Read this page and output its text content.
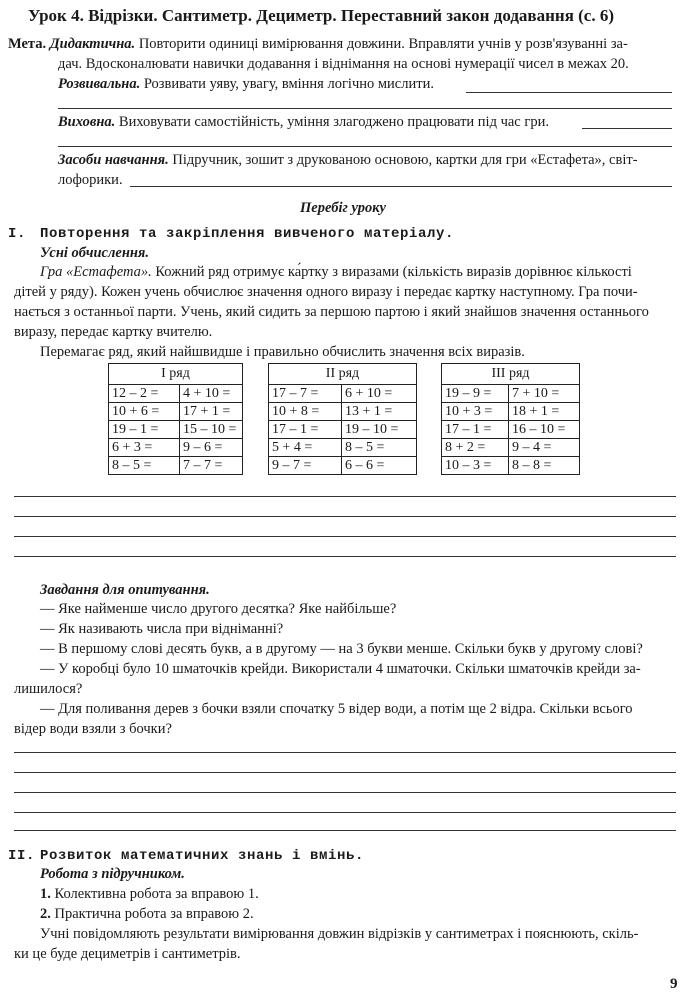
Урок 4. Відрізки. Сантиметр. Дециметр. Переставний закон додавання (с. 6)
Мета. Дидактична. Повторити одиниці вимірювання довжини. Вправляти учнів у розв'язуванні за-
дач. Вдосконалювати навички додавання і віднімання на основі нумерації чисел в межах 20.
Розвивальна. Розвивати уяву, увагу, вміння логічно мислити.
Виховна. Виховувати самостійність, уміння злагоджено працювати під час гри.
Засоби навчання. Підручник, зошит з друкованою основою, картки для гри «Естафета», світ-
лофорики.
Перебіг уроку
I. Повторення та закріплення вивченого матеріалу.
Усні обчислення.
Гра «Естафета». Кожний ряд отримує ка́ртку з виразами (кількість виразів дорівнює кількості
дітей у ряду). Кожен учень обчислює значення одного виразу і передає картку наступному. Гра почи-
нається з останньої парти. Учень, який сидить за першою партою і який знайшов значення останнього
виразу, передає картку вчителю.
Перемагає ряд, який найшвидше і правильно обчислить значення всіх виразів.
I ряд	
12 – 2 =	4 + 10 =
10 + 6 =	17 + 1 =
19 – 1 =	15 – 10 =
6 + 3 =	9 – 6 =
8 – 5 =	7 – 7 =
II ряд	
17 – 7 =	6 + 10 =
10 + 8 =	13 + 1 =
17 – 1 =	19 – 10 =
5 + 4 =	8 – 5 =
9 – 7 =	6 – 6 =
III ряд	
19 – 9 =	7 + 10 =
10 + 3 =	18 + 1 =
17 – 1 =	16 – 10 =
8 + 2 =	9 – 4 =
10 – 3 =	8 – 8 =
Завдання для опитування.
— Яке найменше число другого десятка? Яке найбільше?
— Як називають числа при відніманні?
— В першому слові десять букв, а в другому — на 3 букви менше. Скільки букв у другому слові?
— У коробці було 10 шматочків крейди. Використали 4 шматочки. Скільки шматочків крейди за-
лишилося?
— Для поливання дерев з бочки взяли спочатку 5 відер води, а потім ще 2 відра. Скільки всього
відер води взяли з бочки?
II. Розвиток математичних знань і вмінь.
Робота з підручником.
1. Колективна робота за вправою 1.
2. Практична робота за вправою 2.
Учні повідомляють результати вимірювання довжин відрізків у сантиметрах і пояснюють, скіль-
ки це буде дециметрів і сантиметрів.
9
